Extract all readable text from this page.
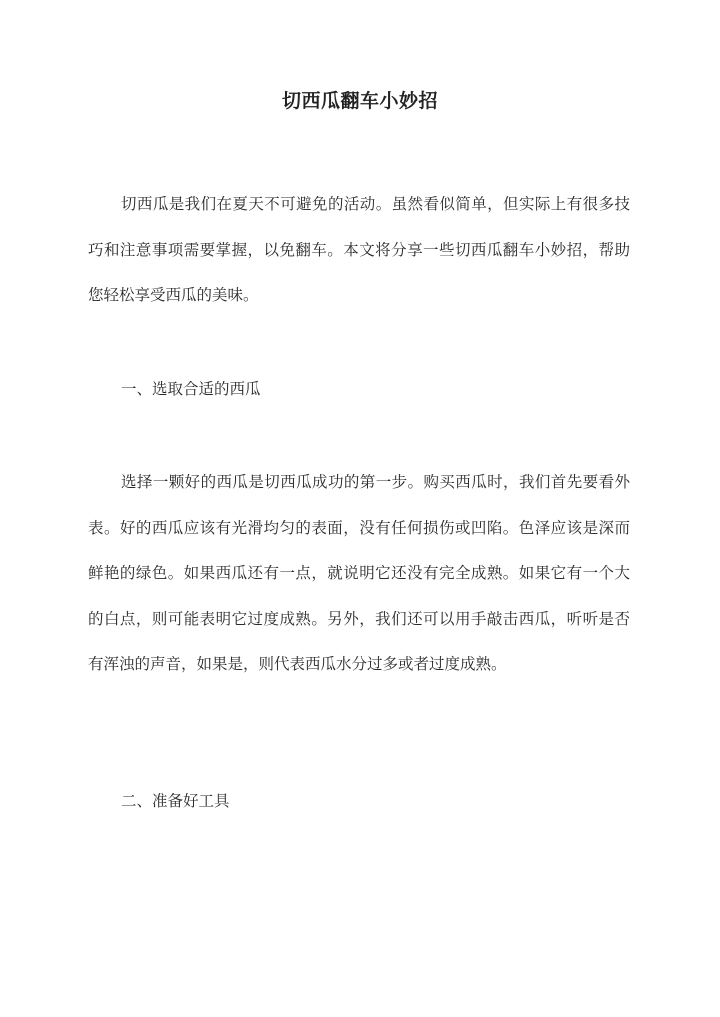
切西瓜翻车小妙招

切西瓜是我们在夏天不可避免的活动。虽然看似简单，但实际上有很多技巧和注意事项需要掌握，以免翻车。本文将分享一些切西瓜翻车小妙招，帮助您轻松享受西瓜的美味。

一、选取合适的西瓜

选择一颗好的西瓜是切西瓜成功的第一步。购买西瓜时，我们首先要看外表。好的西瓜应该有光滑均匀的表面，没有任何损伤或凹陷。色泽应该是深而鲜艳的绿色。如果西瓜还有一点，就说明它还没有完全成熟。如果它有一个大的白点，则可能表明它过度成熟。另外，我们还可以用手敲击西瓜，听听是否有浑浊的声音，如果是，则代表西瓜水分过多或者过度成熟。

二、准备好工具
